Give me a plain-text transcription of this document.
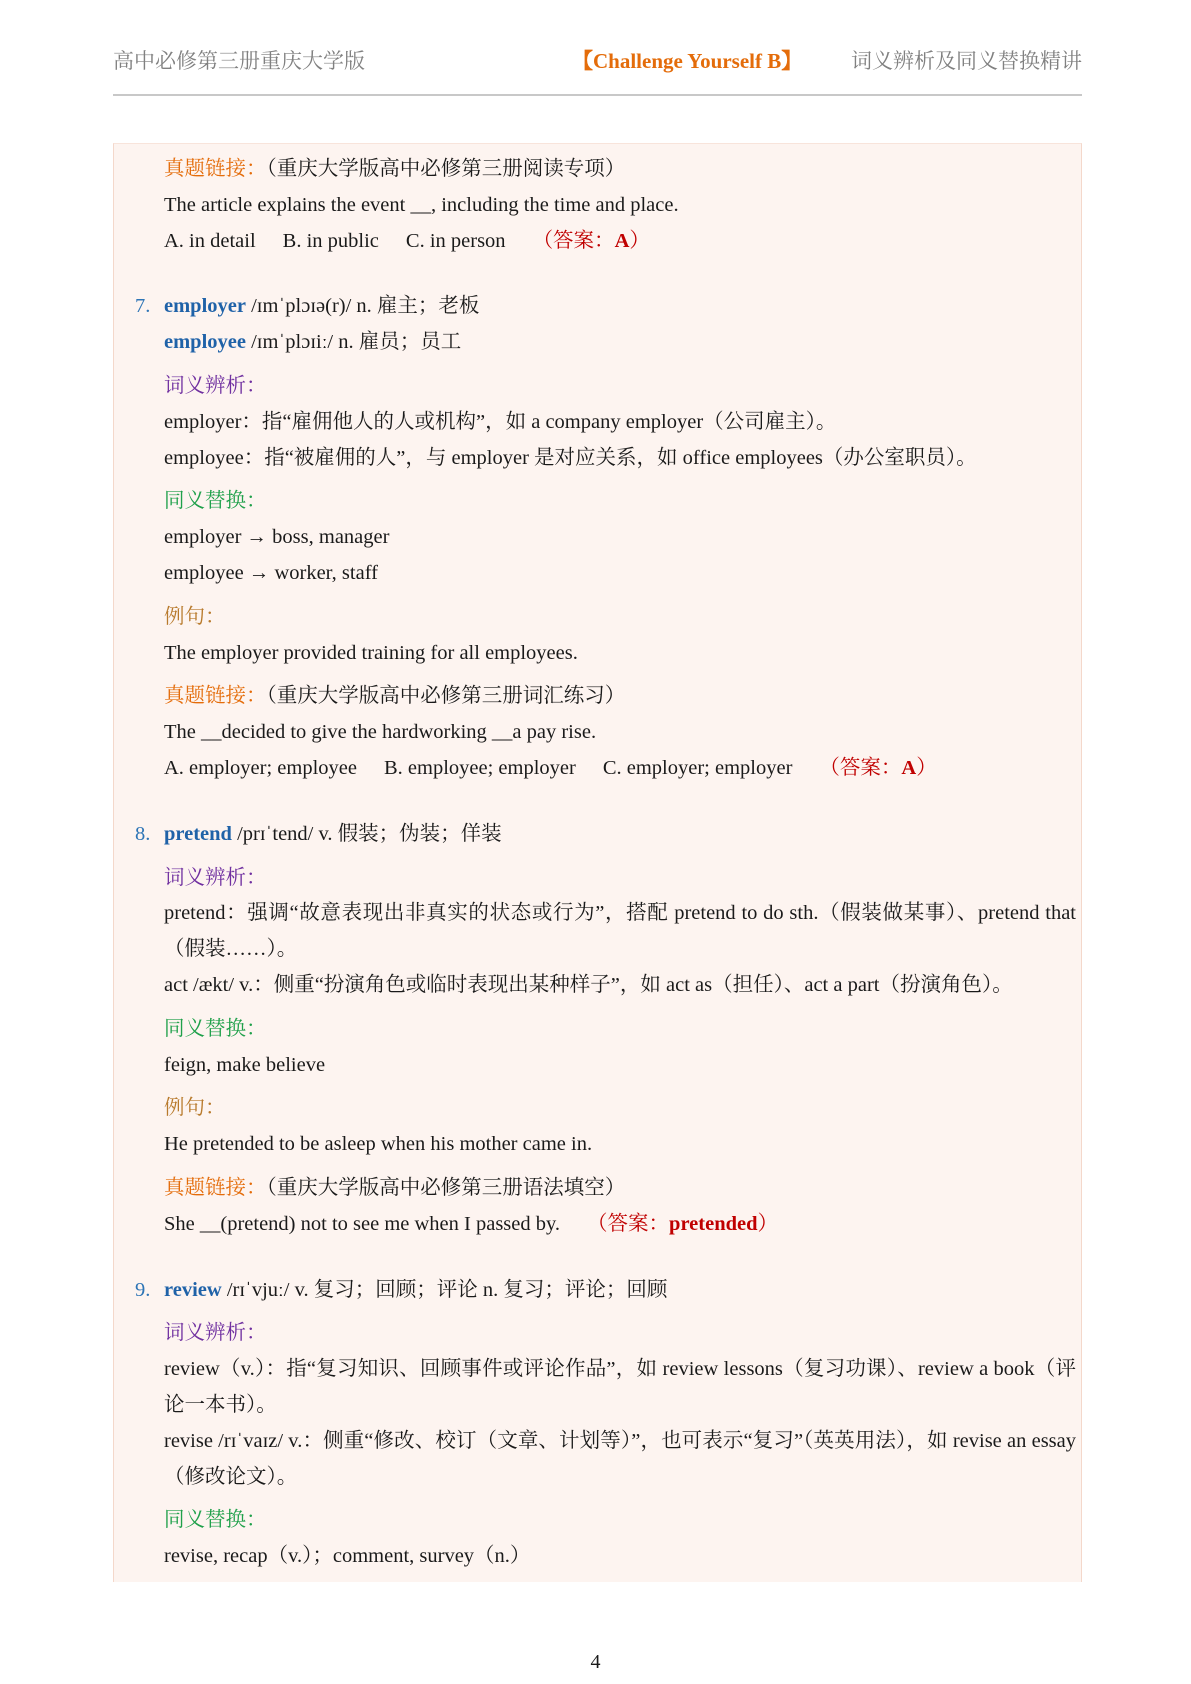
高中必修第三册重庆大学版	【Challenge Yourself B】 词义辨析及同义替换精讲
真题链接：（重庆大学版高中必修第三册阅读专项）
The article explains the event __, including the time and place.
A. in detail B. in public C. in person （答案：A）
7. employer /ɪmˈplɔɪə(r)/ n. 雇主；老板
employee /ɪmˈplɔɪiː/ n. 雇员；员工
词义辨析：

employer：指“雇佣他人的人或机构”，如 a company employer（公司雇主）。

employee：指“被雇佣的人”，与 employer 是对应关系，如 office employees（办公室职员）。

同义替换：
employer → boss, manager
employee → worker, staff
例句：
The employer provided training for all employees.
真题链接：（重庆大学版高中必修第三册词汇练习）
The __decided to give the hardworking __a pay rise.
A. employer; employee B. employee; employer C. employer; employer （答案：A）
8. pretend /prɪˈtend/ v. 假装；伪装；佯装
词义辨析：

pretend：强调“故意表现出非真实的状态或行为”，搭配 pretend to do sth.（假装做某事）、pretend that（假装……）。

act /ækt/ v.：侧重“扮演角色或临时表现出某种样子”，如 act as（担任）、act a part（扮演角色）。

同义替换：
feign, make believe
例句：
He pretended to be asleep when his mother came in.
真题链接：（重庆大学版高中必修第三册语法填空）
She __(pretend) not to see me when I passed by. （答案：pretended）
9. review /rɪˈvjuː/ v. 复习；回顾；评论 n. 复习；评论；回顾
词义辨析：

review（v.）：指“复习知识、回顾事件或评论作品”，如 review lessons（复习功课）、review a book（评论一本书）。

revise /rɪˈvaɪz/ v.：侧重“修改、校订（文章、计划等）”，也可表示“复习”（英英用法），如 revise an essay（修改论文）。

同义替换：
revise, recap（v.）；comment, survey（n.）
4
